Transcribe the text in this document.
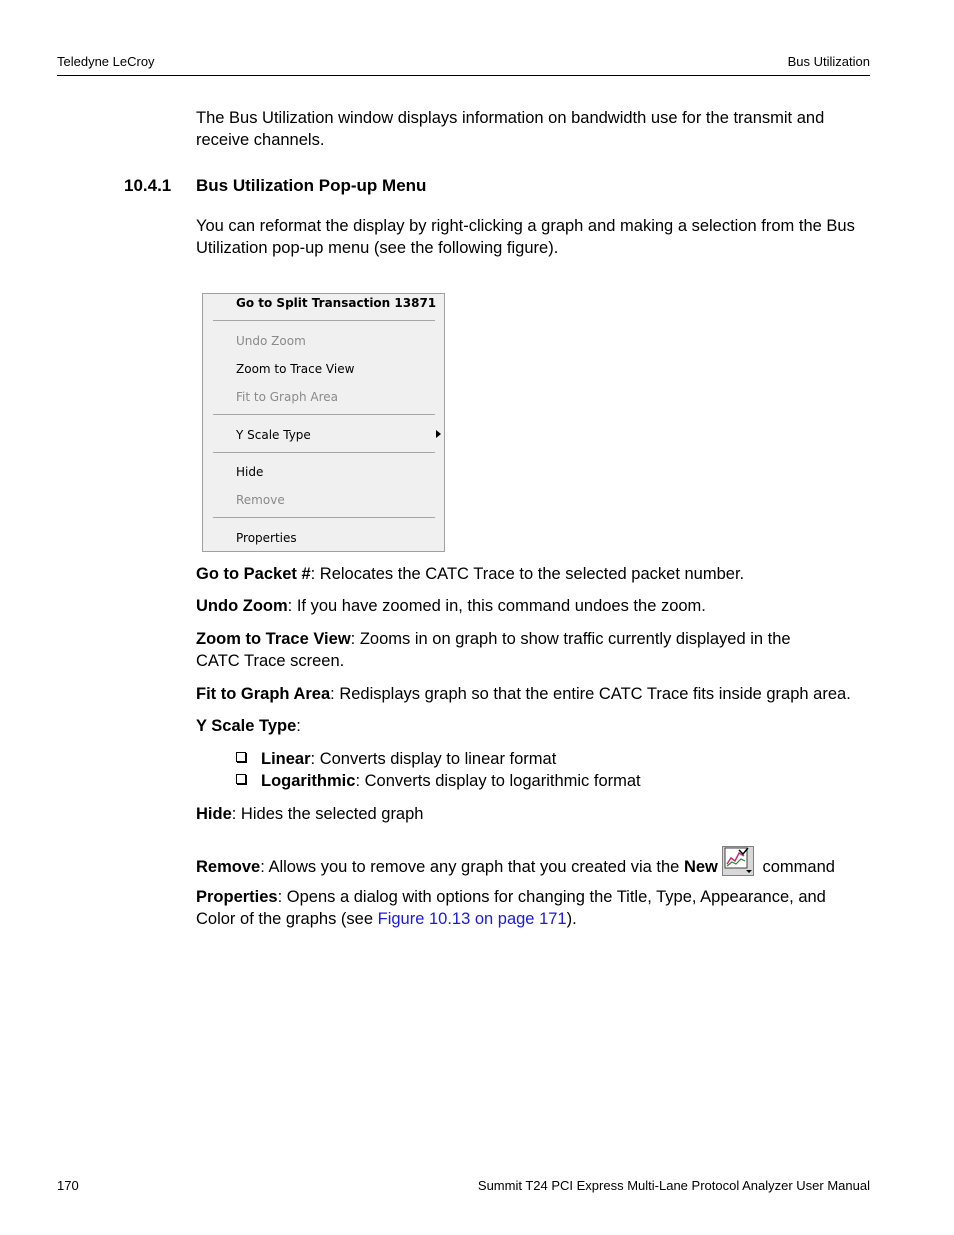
Teledyne LeCroy	Bus Utilization
The Bus Utilization window displays information on bandwidth use for the transmit and receive channels.
10.4.1 Bus Utilization Pop-up Menu
You can reformat the display by right-clicking a graph and making a selection from the Bus Utilization pop-up menu (see the following figure).
Go to Split Transaction 13871
Undo Zoom
Zoom to Trace View
Fit to Graph Area
Y Scale Type
Hide
Remove
Properties
Go to Packet #: Relocates the CATC Trace to the selected packet number.
Undo Zoom: If you have zoomed in, this command undoes the zoom.
Zoom to Trace View: Zooms in on graph to show traffic currently displayed in the
CATC Trace screen.
Fit to Graph Area: Redisplays graph so that the entire CATC Trace fits inside graph area.
Y Scale Type:
Linear: Converts display to linear format
Logarithmic: Converts display to logarithmic format
Hide: Hides the selected graph
Remove: Allows you to remove any graph that you created via the New command
Properties: Opens a dialog with options for changing the Title, Type, Appearance, and
Color of the graphs (see Figure 10.13 on page 171).
170	Summit T24 PCI Express Multi-Lane Protocol Analyzer User Manual
